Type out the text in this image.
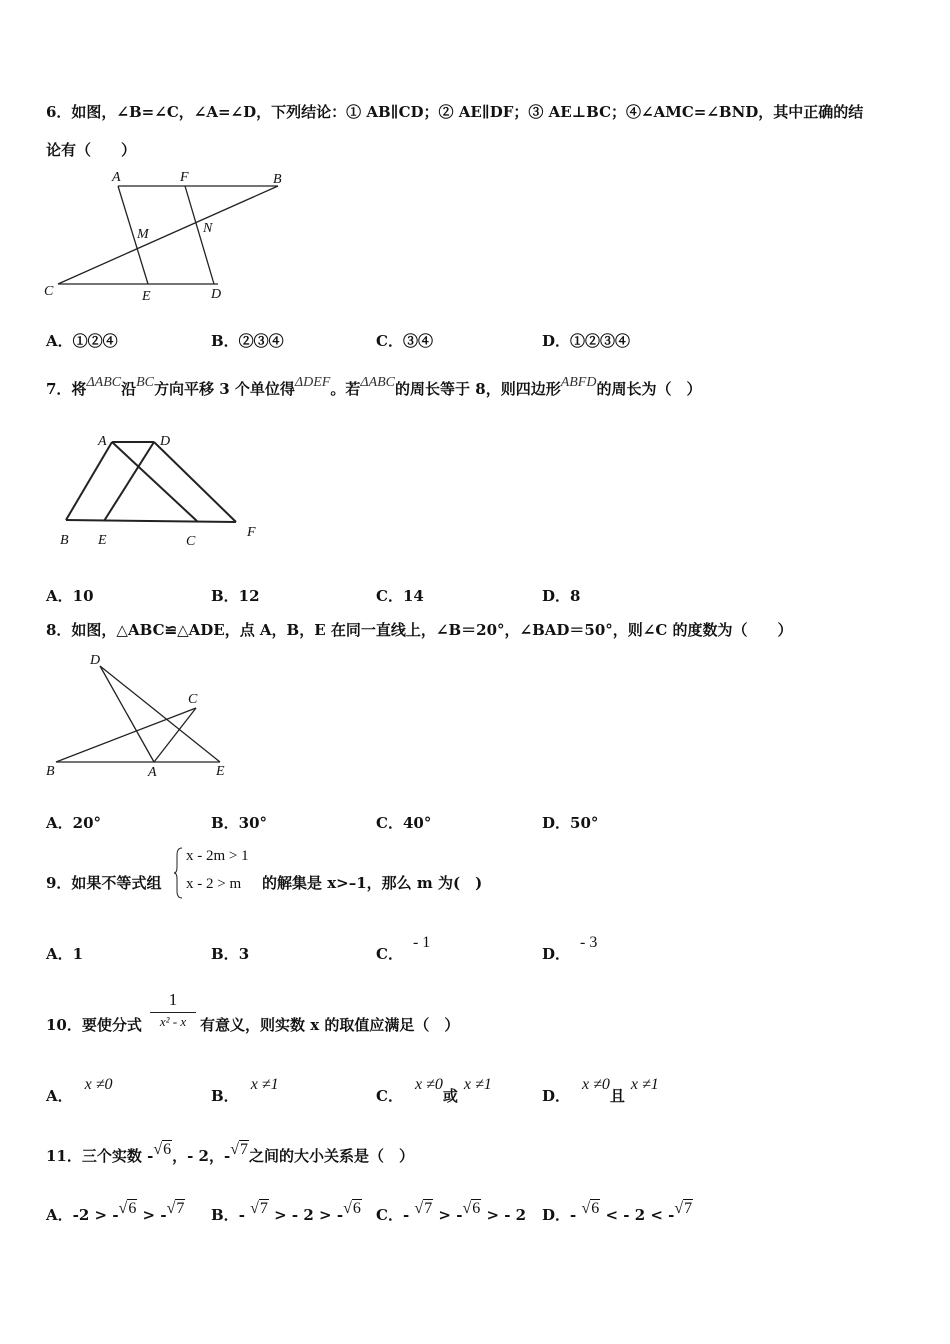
6．如图，∠B=∠C，∠A=∠D，下列结论：① AB∥CD；② AE∥DF；③ AE⊥BC；④∠AMC=∠BND，其中正确的结
论有（　　）
A	F	B
M	N
C	E	D
A．①②④	B．②③④	C．③④	D．①②③④
7．将ΔABC沿BC方向平移 3 个单位得ΔDEF。若ΔABC的周长等于 8，则四边形ABFD的周长为（　）
A	D
B E	C
F
A．10	B．12	C．14	D．8
8．如图，△ABC≌△ADE，点 A，B，E 在同一直线上，∠B＝20°，∠BAD＝50°，则∠C 的度数为（　　）
D
C
B	A	E
A．20°	B．30°	C．40°	D．50°
9．如果不等式组
x - 2m > 1
x - 2 > m 的解集是 x>–1，那么 m 为(　)
A．1	B．3	C．- 1
D．- 3
10．要使分式
1
x² - x 有意义，则实数 x 的取值应满足（　）
A．x ≠0
B．x ≠1
C．x ≠0或x ≠1
D．x ≠0且x ≠1
11．三个实数 -√6，- 2，-√7之间的大小关系是（　）
A．-2 > -√6 > -√7 B．- √7 > - 2 > -√6 C．- √7 > -√6 > - 2 D．- √6 < - 2 < -√7
